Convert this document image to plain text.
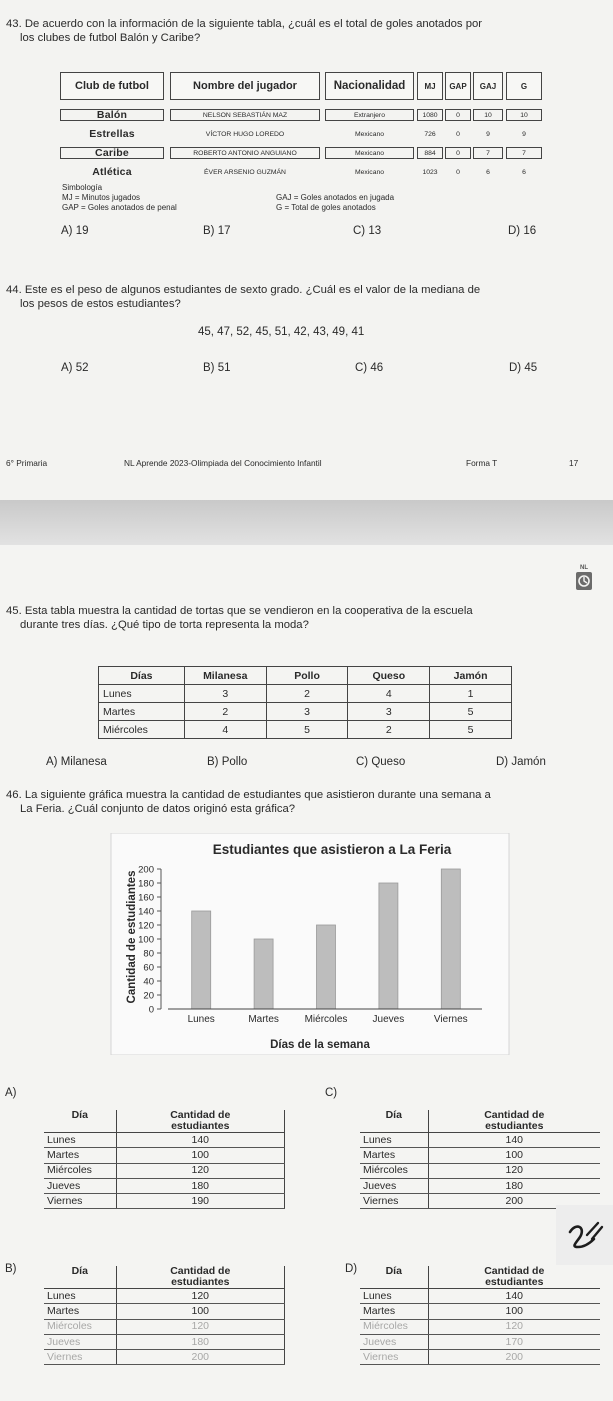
43. De acuerdo con la información de la siguiente tabla, ¿cuál es el total de goles anotados por
los clubes de futbol Balón y Caribe?
Club de futbol	Nombre del jugador	Nacionalidad	MJ	GAP	GAJ	G
Balón	NELSON SEBASTIÁN MAZ	Extranjero	1080	0	10	10
Estrellas	VÍCTOR HUGO LOREDO	Mexicano	726	0	9	9
Caribe	ROBERTO ANTONIO ANGUIANO	Mexicano	884	0	7	7
Atlética	ÉVER ARSENIO GUZMÁN	Mexicano	1023	0	6	6
Simbología
MJ = Minutos jugados	GAJ = Goles anotados en jugada
GAP = Goles anotados de penal	G = Total de goles anotados
A) 19	B) 17	C) 13	D) 16
44. Este es el peso de algunos estudiantes de sexto grado. ¿Cuál es el valor de la mediana de
los pesos de estos estudiantes?
45, 47, 52, 45, 51, 42, 43, 49, 41
A) 52	B) 51	C) 46	D) 45
6° Primaria	NL Aprende 2023-Olimpiada del Conocimiento Infantil	Forma T	17
NL
45. Esta tabla muestra la cantidad de tortas que se vendieron en la cooperativa de la escuela
durante tres días. ¿Qué tipo de torta representa la moda?
Días	Milanesa	Pollo	Queso	Jamón
Lunes	3	2	4	1
Martes	2	3	3	5
Miércoles	4	5	2	5
A) Milanesa	B) Pollo	C) Queso	D) Jamón
46. La siguiente gráfica muestra la cantidad de estudiantes que asistieron durante una semana a
La Feria. ¿Cuál conjunto de datos originó esta gráfica?
Estudiantes que asistieron a La Feria
0
20
40
60
80
100
120
140
160
180
200
Lunes	Martes	Miércoles	Jueves	Viernes
Cantidad de estudiantes
Días de la semana
A)
Día	Cantidad de
estudiantes
Lunes	140
Martes	100
Miércoles	120
Jueves	180
Viernes	190
C)
Día	Cantidad de
estudiantes
Lunes	140
Martes	100
Miércoles	120
Jueves	180
Viernes	200
B)	Día	Cantidad de
estudiantes
Lunes	120
Martes	100
Miércoles	120
Jueves	180
Viernes	200
D)	Día	Cantidad de
estudiantes
Lunes	140
Martes	100
Miércoles	120
Jueves	170
Viernes	200
